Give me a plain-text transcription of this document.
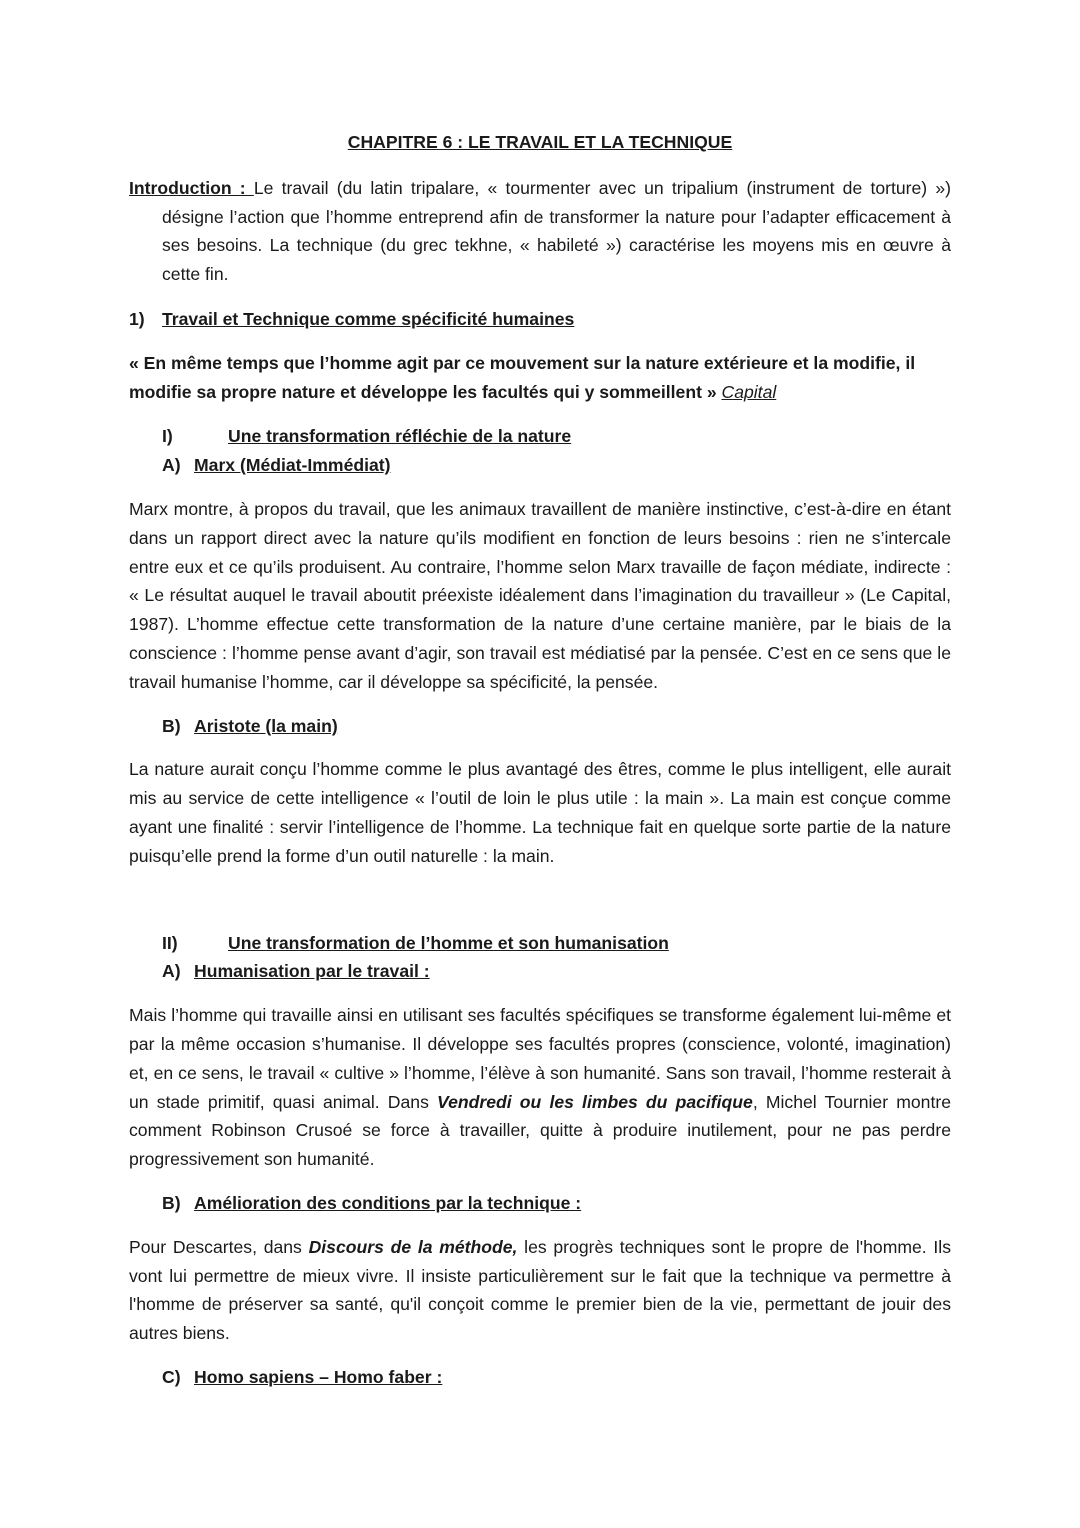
CHAPITRE 6 : LE TRAVAIL ET LA TECHNIQUE

Introduction : Le travail (du latin tripalare, « tourmenter avec un tripalium (instrument de torture) ») désigne l’action que l’homme entreprend afin de transformer la nature pour l’adapter efficacement à ses besoins. La technique (du grec tekhne, « habileté ») caractérise les moyens mis en œuvre à cette fin.

1) Travail et Technique comme spécificité humaines

« En même temps que l’homme agit par ce mouvement sur la nature extérieure et la modifie, il modifie sa propre nature et développe les facultés qui y sommeillent » Capital

I)	Une transformation réfléchie de la nature
A) Marx (Médiat-Immédiat)

Marx montre, à propos du travail, que les animaux travaillent de manière instinctive, c’est-à-dire en étant dans un rapport direct avec la nature qu’ils modifient en fonction de leurs besoins : rien ne s’intercale entre eux et ce qu’ils produisent. Au contraire, l’homme selon Marx travaille de façon médiate, indirecte : « Le résultat auquel le travail aboutit préexiste idéalement dans l’imagination du travailleur » (Le Capital, 1987). L’homme effectue cette transformation de la nature d’une certaine manière, par le biais de la conscience : l’homme pense avant d’agir, son travail est médiatisé par la pensée. C’est en ce sens que le travail humanise l’homme, car il développe sa spécificité, la pensée.

B) Aristote (la main)

La nature aurait conçu l’homme comme le plus avantagé des êtres, comme le plus intelligent, elle aurait mis au service de cette intelligence « l’outil de loin le plus utile : la main ». La main est conçue comme ayant une finalité : servir l’intelligence de l’homme. La technique fait en quelque sorte partie de la nature puisqu’elle prend la forme d’un outil naturelle : la main.

II)	Une transformation de l’homme et son humanisation
A) Humanisation par le travail :

Mais l’homme qui travaille ainsi en utilisant ses facultés spécifiques se transforme également lui-même et par la même occasion s’humanise. Il développe ses facultés propres (conscience, volonté, imagination) et, en ce sens, le travail « cultive » l’homme, l’élève à son humanité. Sans son travail, l’homme resterait à un stade primitif, quasi animal. Dans Vendredi ou les limbes du pacifique, Michel Tournier montre comment Robinson Crusoé se force à travailler, quitte à produire inutilement, pour ne pas perdre progressivement son humanité.

B) Amélioration des conditions par la technique :

Pour Descartes, dans Discours de la méthode, les progrès techniques sont le propre de l'homme. Ils vont lui permettre de mieux vivre. Il insiste particulièrement sur le fait que la technique va permettre à l'homme de préserver sa santé, qu'il conçoit comme le premier bien de la vie, permettant de jouir des autres biens.

C) Homo sapiens – Homo faber :
